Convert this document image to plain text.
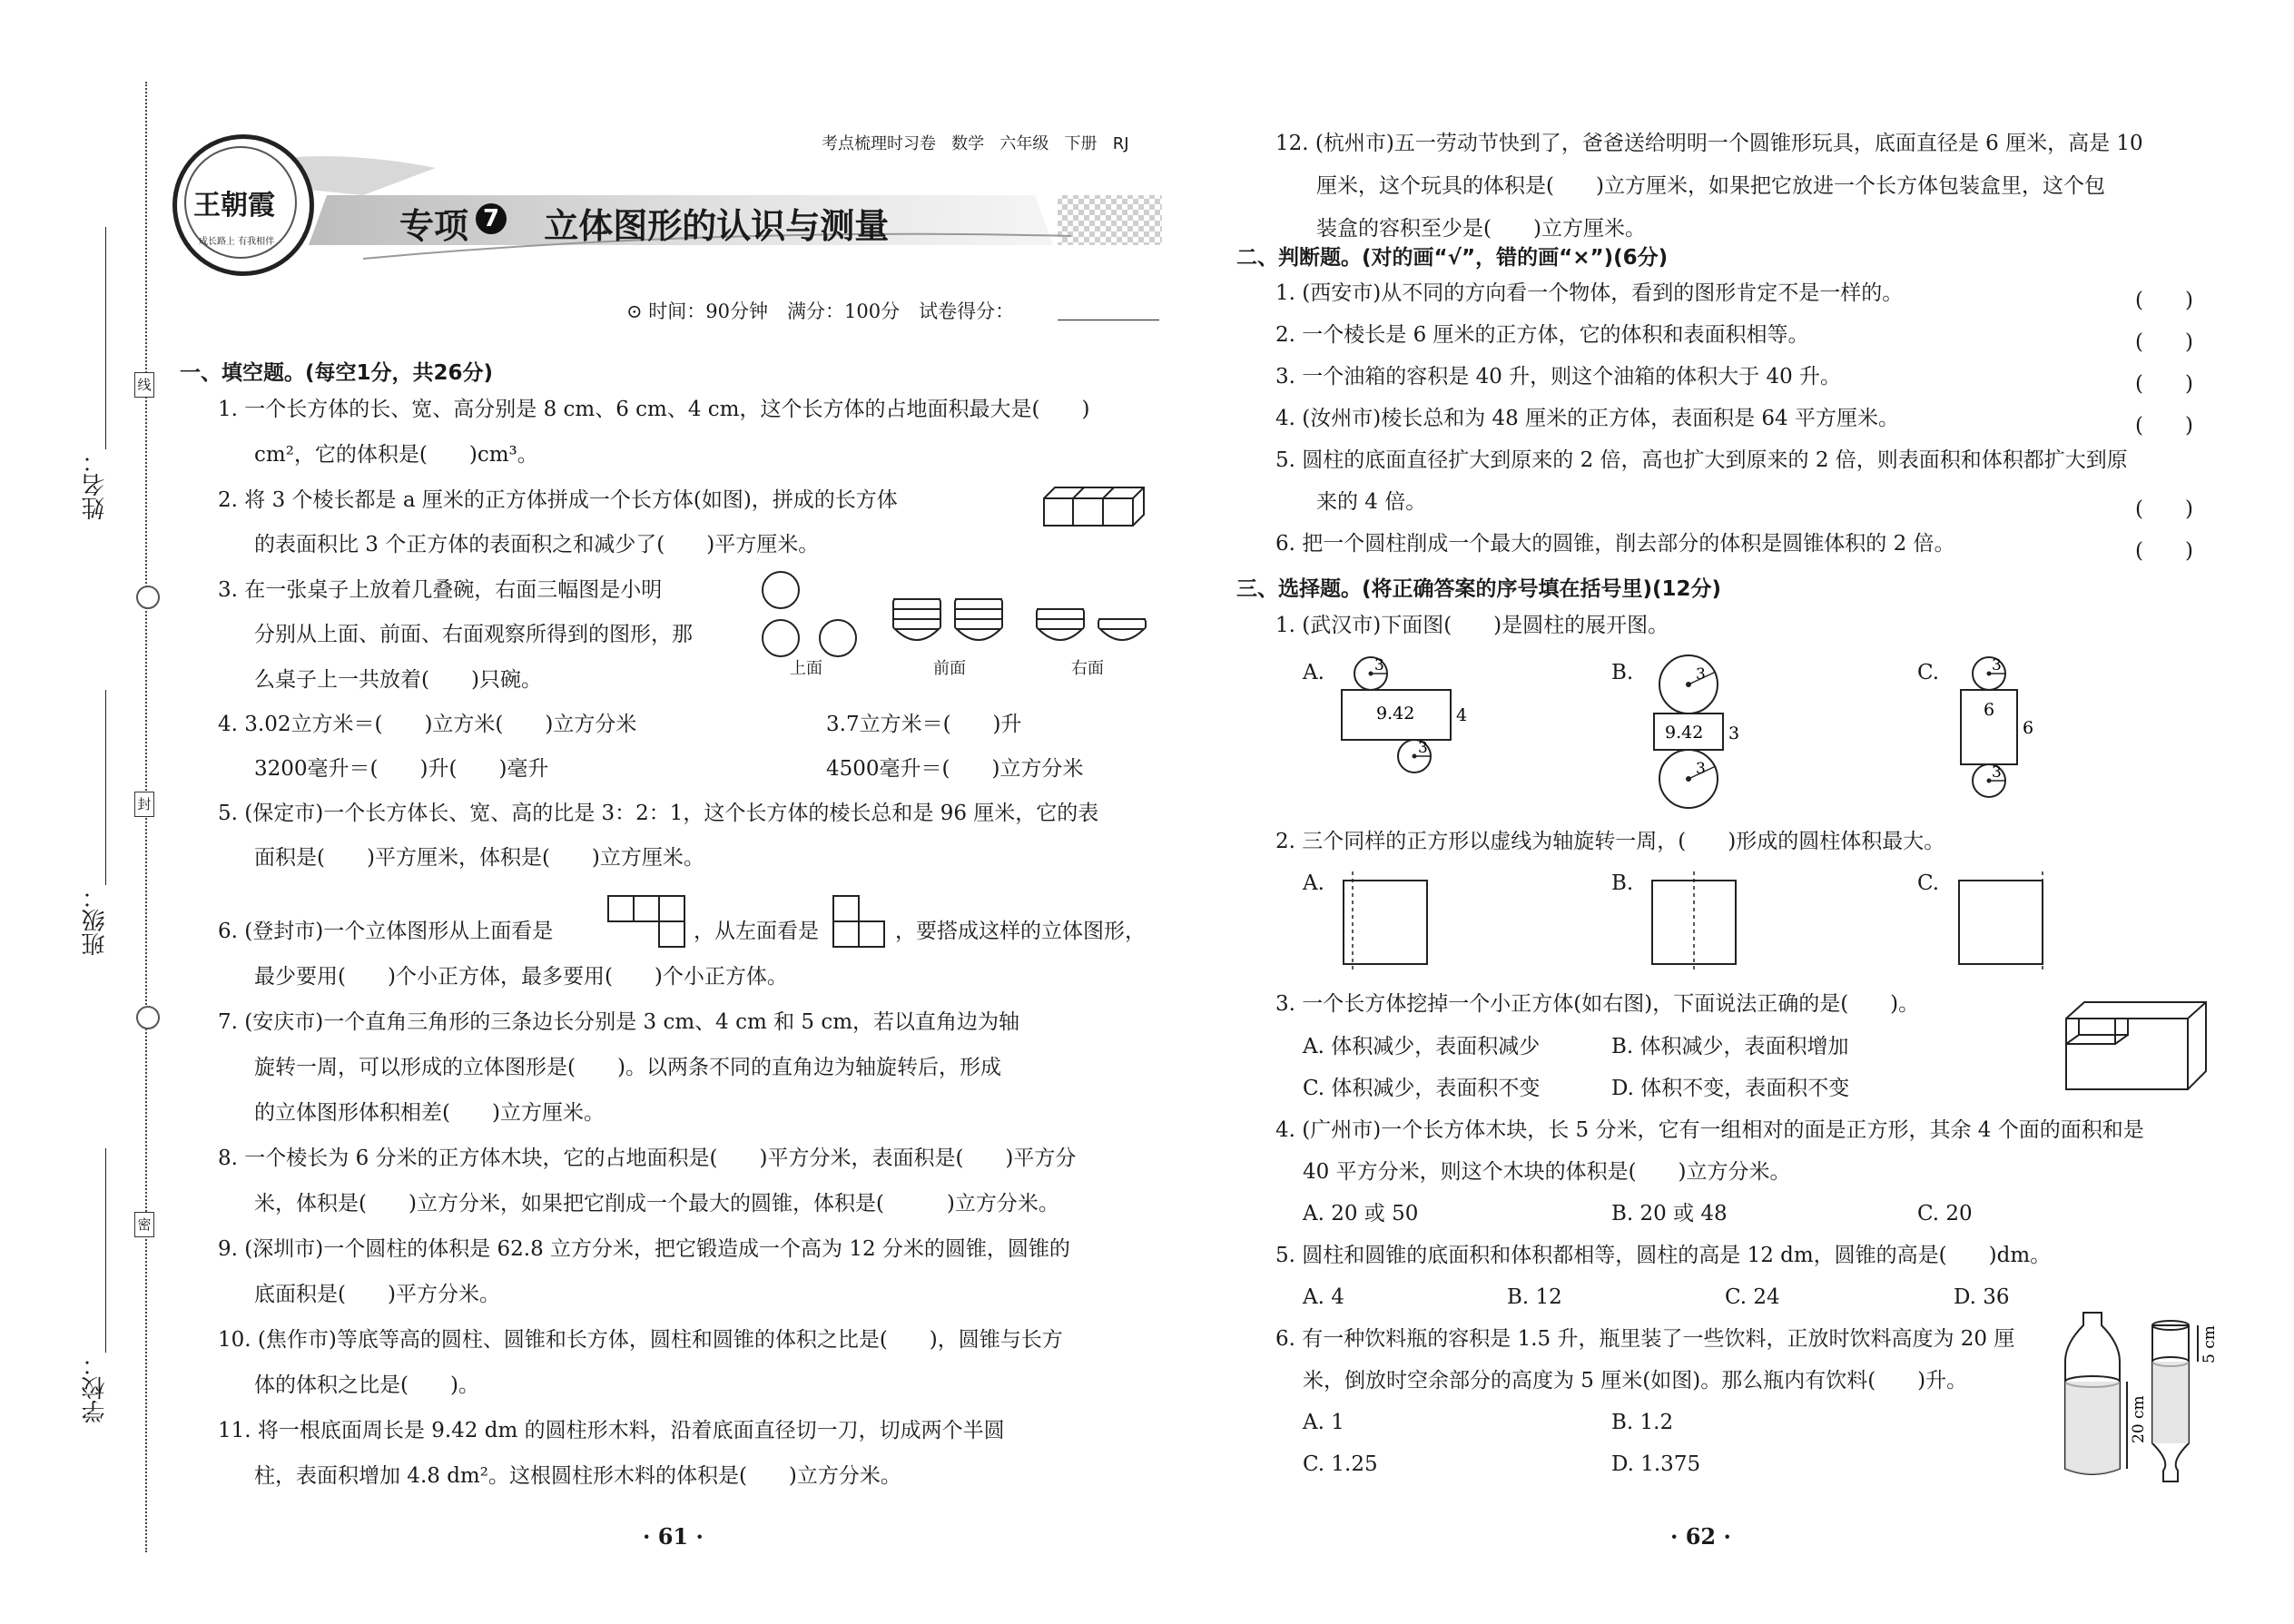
姓名：
班级：
学校：
线
封
密
考点梳理时习卷 数学 六年级 下册 RJ
王朝霞
成长路上 有我相伴	专项 7 立体图形的认识与测量
⊙ 时间：90分钟　满分：100分　试卷得分：
一、填空题。(每空1分，共26分)
1. 一个长方体的长、宽、高分别是 8 cm、6 cm、4 cm，这个长方体的占地面积最大是(　　)
cm²，它的体积是(　　)cm³。
2. 将 3 个棱长都是 a 厘米的正方体拼成一个长方体(如图)，拼成的长方体
的表面积比 3 个正方体的表面积之和减少了(　　)平方厘米。
3. 在一张桌子上放着几叠碗，右面三幅图是小明
分别从上面、前面、右面观察所得到的图形，那
么桌子上一共放着(　　)只碗。	上面	前面	右面
4. 3.02立方米＝(　　)立方米(　　)立方分米	3.7立方米＝(　　)升
3200毫升＝(　　)升(　　)毫升	4500毫升＝(　　)立方分米
5. (保定市)一个长方体长、宽、高的比是 3：2：1，这个长方体的棱长总和是 96 厘米，它的表
面积是(　　)平方厘米，体积是(　　)立方厘米。
6. (登封市)一个立体图形从上面看是	，从左面看是	，要搭成这样的立体图形，
最少要用(　　)个小正方体，最多要用(　　)个小正方体。
7. (安庆市)一个直角三角形的三条边长分别是 3 cm、4 cm 和 5 cm，若以直角边为轴
旋转一周，可以形成的立体图形是(　　)。以两条不同的直角边为轴旋转后，形成
的立体图形体积相差(　　)立方厘米。
8. 一个棱长为 6 分米的正方体木块，它的占地面积是(　　)平方分米，表面积是(　　)平方分
米，体积是(　　)立方分米，如果把它削成一个最大的圆锥，体积是(　　　)立方分米。
9. (深圳市)一个圆柱的体积是 62.8 立方分米，把它锻造成一个高为 12 分米的圆锥，圆锥的
底面积是(　　)平方分米。
10. (焦作市)等底等高的圆柱、圆锥和长方体，圆柱和圆锥的体积之比是(　　)，圆锥与长方
体的体积之比是(　　)。
11. 将一根底面周长是 9.42 dm 的圆柱形木料，沿着底面直径切一刀，切成两个半圆
柱，表面积增加 4.8 dm²。这根圆柱形木料的体积是(　　)立方分米。
· 61 ·
12. (杭州市)五一劳动节快到了，爸爸送给明明一个圆锥形玩具，底面直径是 6 厘米，高是 10
厘米，这个玩具的体积是(　　)立方厘米，如果把它放进一个长方体包装盒里，这个包
装盒的容积至少是(　　)立方厘米。
二、判断题。(对的画“√”，错的画“×”)(6分)
1. (西安市)从不同的方向看一个物体，看到的图形肯定不是一样的。	(　　)
2. 一个棱长是 6 厘米的正方体，它的体积和表面积相等。	(　　)
3. 一个油箱的容积是 40 升，则这个油箱的体积大于 40 升。	(　　)
4. (汝州市)棱长总和为 48 厘米的正方体，表面积是 64 平方厘米。	(　　)
5. 圆柱的底面直径扩大到原来的 2 倍，高也扩大到原来的 2 倍，则表面积和体积都扩大到原
来的 4 倍。	(　　)
6. 把一个圆柱削成一个最大的圆锥，削去部分的体积是圆锥体积的 2 倍。	(　　)
三、选择题。(将正确答案的序号填在括号里)(12分)
1. (武汉市)下面图(　　)是圆柱的展开图。
A.	3
9.42 4
3
B.	3
9.42 3
3
C.	3
6
6
3
2. 三个同样的正方形以虚线为轴旋转一周，(　　)形成的圆柱体积最大。
A.	B.	C.
3. 一个长方体挖掉一个小正方体(如右图)，下面说法正确的是(　　)。
A. 体积减少，表面积减少	B. 体积减少，表面积增加
C. 体积减少，表面积不变	D. 体积不变，表面积不变
4. (广州市)一个长方体木块，长 5 分米，它有一组相对的面是正方形，其余 4 个面的面积和是
40 平方分米，则这个木块的体积是(　　)立方分米。
A. 20 或 50	B. 20 或 48	C. 20
5. 圆柱和圆锥的底面积和体积都相等，圆柱的高是 12 dm，圆锥的高是(　　)dm。
A. 4	B. 12	C. 24	D. 36
6. 有一种饮料瓶的容积是 1.5 升，瓶里装了一些饮料，正放时饮料高度为 20 厘
米，倒放时空余部分的高度为 5 厘米(如图)。那么瓶内有饮料(　　)升。
A. 1	B. 1.2
C. 1.25	D. 1.375
20 cm
5 cm
· 62 ·
